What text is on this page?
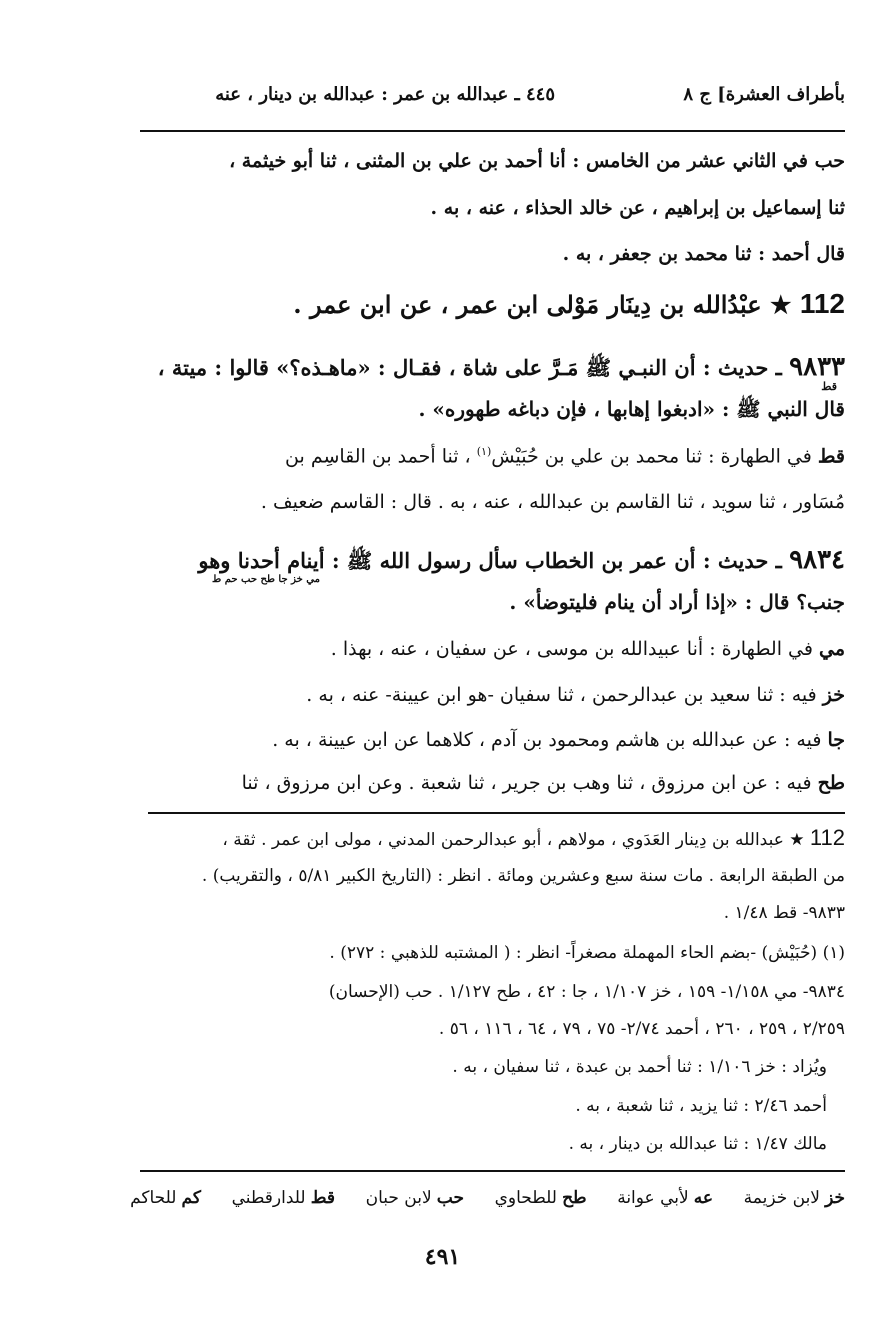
بأطراف العشرة] ج ٨
٤٤٥ ـ عبدالله بن عمر : عبدالله بن دينار ، عنه
حب في الثاني عشر من الخامس : أنا أحمد بن علي بن المثنى ، ثنا أبو خيثمة ،
ثنا إسماعيل بن إبراهيم ، عن خالد الحذاء ، عنه ، به .
قال أحمد : ثنا محمد بن جعفر ، به .
112 ★ عبْدُالله بن دِينَار مَوْلى ابن عمر ، عن ابن عمر .
٩٨٣٣ ـ حديث : أن النبـي ﷺ مَـرَّ على شاة ، فقـال : «ماهـذه؟» قالوا : ميتة ،
قط
قال النبي ﷺ : «ادبغوا إهابها ، فإن دباغه طهوره» .
قط في الطهارة : ثنا محمد بن علي بن حُبَيْش$^{(١)}$ ، ثنا أحمد بن القاسِم بن
مُسَاور ، ثنا سويد ، ثنا القاسم بن عبدالله ، عنه ، به . قال : القاسم ضعيف .
٩٨٣٤ ـ حديث : أن عمر بن الخطاب سأل رسول الله ﷺ : أينام أحدنا وهو
مي خز جا طح حب حم ط
جنب؟ قال : «إذا أراد أن ينام فليتوضأ» .
مي في الطهارة : أنا عبيدالله بن موسى ، عن سفيان ، عنه ، بهذا .
خز فيه : ثنا سعيد بن عبدالرحمن ، ثنا سفيان -هو ابن عيينة- عنه ، به .
جا فيه : عن عبدالله بن هاشم ومحمود بن آدم ، كلاهما عن ابن عيينة ، به .
طح فيه : عن ابن مرزوق ، ثنا وهب بن جرير ، ثنا شعبة . وعن ابن مرزوق ، ثنا
112 ★ عبدالله بن دِينار العَدَوي ، مولاهم ، أبو عبدالرحمن المدني ، مولى ابن عمر . ثقة ،
من الطبقة الرابعة . مات سنة سبع وعشرين ومائة . انظر : (التاريخ الكبير ٥/٨١ ، والتقريب) .
٩٨٣٣- قط ١/٤٨ .
(١) (حُبَيْش) -بضم الحاء المهملة مصغراً- انظر : ( المشتبه للذهبي : ٢٧٢) .
٩٨٣٤- مي ١/١٥٨- ١٥٩ ، خز ١/١٠٧ ، جا : ٤٢ ، طح ١/١٢٧ . حب (الإحسان)
٢/٢٥٩ ، ٢٥٩ ، ٢٦٠ ، أحمد ٢/٧٤- ٧٥ ، ٧٩ ، ٦٤ ، ١١٦ ، ٥٦ .
ويُزاد : خز ١/١٠٦ : ثنا أحمد بن عبدة ، ثنا سفيان ، به .
أحمد ٢/٤٦ : ثنا يزيد ، ثنا شعبة ، به .
مالك ١/٤٧ : ثنا عبدالله بن دينار ، به .
خز لابن خزيمة
عه لأبي عوانة
طح للطحاوي
حب لابن حبان
قط للدارقطني
كم للحاكم
٤٩١
